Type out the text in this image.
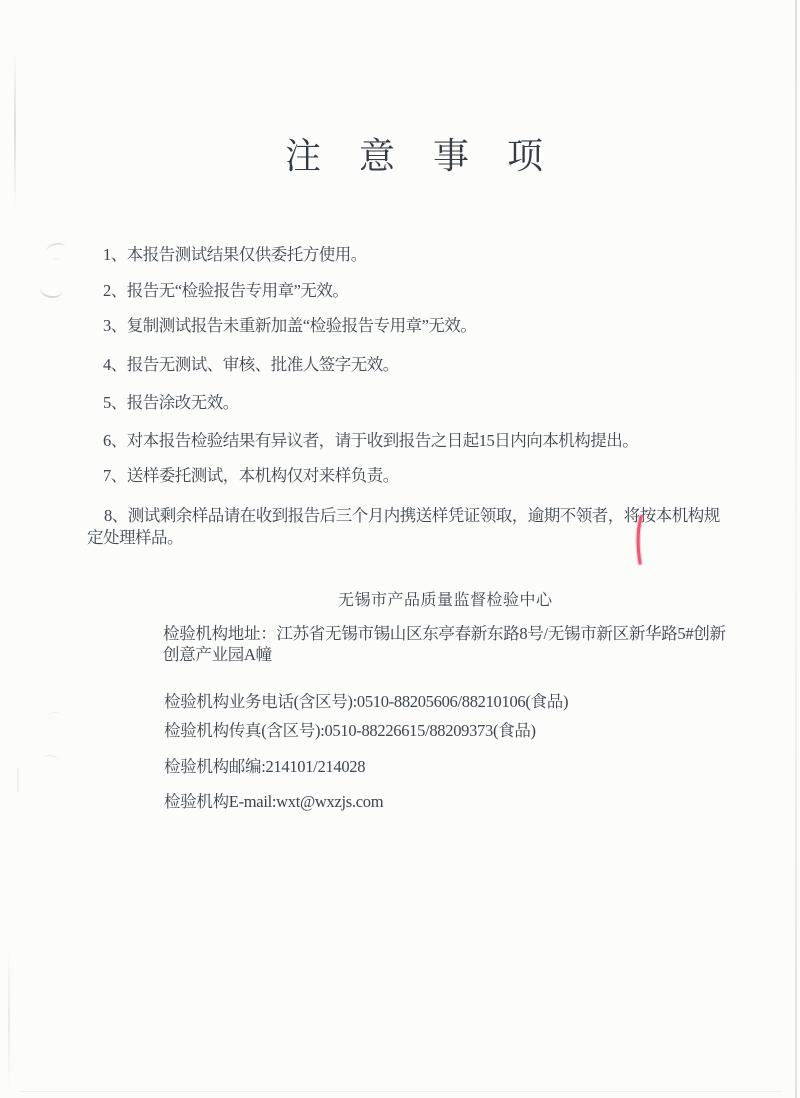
注意事项
1、本报告测试结果仅供委托方使用。
2、报告无“检验报告专用章”无效。
3、复制测试报告未重新加盖“检验报告专用章”无效。
4、报告无测试、审核、批准人签字无效。
5、报告涂改无效。
6、对本报告检验结果有异议者，请于收到报告之日起15日内向本机构提出。
7、送样委托测试，本机构仅对来样负责。
8、测试剩余样品请在收到报告后三个月内携送样凭证领取，逾期不领者，将按本机构规定处理样品。
无锡市产品质量监督检验中心
检验机构地址：江苏省无锡市锡山区东亭春新东路8号/无锡市新区新华路5#创新
创意产业园A幢
检验机构业务电话(含区号):0510-88205606/88210106(食品)
检验机构传真(含区号):0510-88226615/88209373(食品)
检验机构邮编:214101/214028
检验机构E-mail:wxt@wxzjs.com
